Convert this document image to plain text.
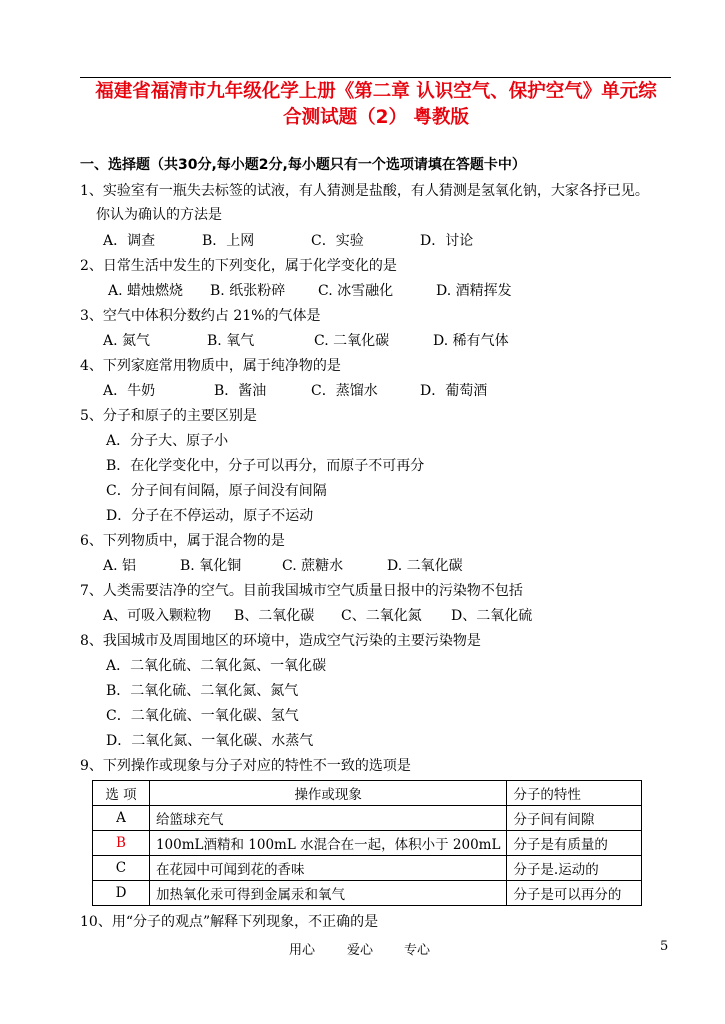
福建省福清市九年级化学上册《第二章 认识空气、保护空气》单元综
合测试题（2） 粤教版
一、选择题（共30分,每小题2分,每小题只有一个选项请填在答题卡中）
1、实验室有一瓶失去标签的试液，有人猜测是盐酸，有人猜测是氢氧化钠，大家各抒已见。
你认为确认的方法是
A．调查	B．上网	C．实验	D．讨论
2、日常生活中发生的下列变化，属于化学变化的是
A. 蜡烛燃烧 B. 纸张粉碎 C. 冰雪融化	D. 酒精挥发
3、空气中体积分数约占 21%的气体是
A. 氮气	B. 氧气	C. 二氧化碳	D. 稀有气体
4、下列家庭常用物质中，属于纯净物的是
A．牛奶	B．酱油	C．蒸馏水	D．葡萄酒
5、分子和原子的主要区别是
A．分子大、原子小
B．在化学变化中，分子可以再分，而原子不可再分
C．分子间有间隔，原子间没有间隔
D．分子在不停运动，原子不运动
6、下列物质中，属于混合物的是
A. 铝	B. 氧化铜	C. 蔗糖水	D. 二氧化碳
7、人类需要洁净的空气。目前我国城市空气质量日报中的污染物不包括
A、可吸入颗粒物 B、二氧化碳 C、二氧化氮 D、二氧化硫
8、我国城市及周围地区的环境中，造成空气污染的主要污染物是
A．二氧化硫、二氧化氮、一氧化碳
B．二氧化硫、二氧化氮、氮气
C．二氧化硫、一氧化碳、氢气
D．二氧化氮、一氧化碳、水蒸气
9、下列操作或现象与分子对应的特性不一致的选项是
选 项	操作或现象	分子的特性
A	给篮球充气	分子间有间隙
B	100mL酒精和 100mL 水混合在一起，体积小于 200mL	分子是有质量的
C	在花园中可闻到花的香味	分子是.运动的
D	加热氧化汞可得到金属汞和氧气	分子是可以再分的
10、用“分子的观点”解释下列现象，不正确的是
用心 爱心 专心	5
